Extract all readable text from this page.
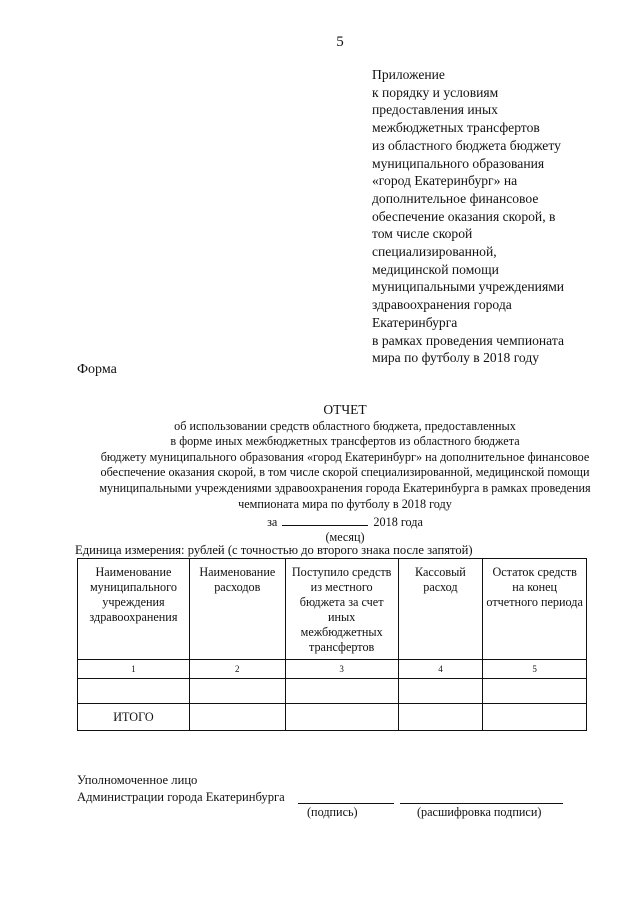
5
Приложение
к порядку и условиям
предоставления иных
межбюджетных трансфертов
из областного бюджета бюджету
муниципального образования
«город Екатеринбург» на
дополнительное финансовое
обеспечение оказания скорой, в
том числе скорой
специализированной,
медицинской помощи
муниципальными учреждениями
здравоохранения города
Екатеринбурга
в рамках проведения чемпионата
мира по футболу в 2018 году
Форма
ОТЧЕТ
об использовании средств областного бюджета, предоставленных
в форме иных межбюджетных трансфертов из областного бюджета
бюджету муниципального образования «город Екатеринбург» на дополнительное финансовое
обеспечение оказания скорой, в том числе скорой специализированной, медицинской помощи
муниципальными учреждениями здравоохранения города Екатеринбурга в рамках проведения
чемпионата мира по футболу в 2018 году
за	2018 года
(месяц)
Единица измерения: рублей (с точностью до второго знака после запятой)
Наименование муниципального учреждения здравоохранения	Наименование расходов	Поступило средств из местного бюджета за счет иных межбюджетных трансфертов	Кассовый расход	Остаток средств на конец отчетного периода
1	2	3	4	5

ИТОГО				
Уполномоченное лицо
Администрации города Екатеринбурга
(подпись)	(расшифровка подписи)
